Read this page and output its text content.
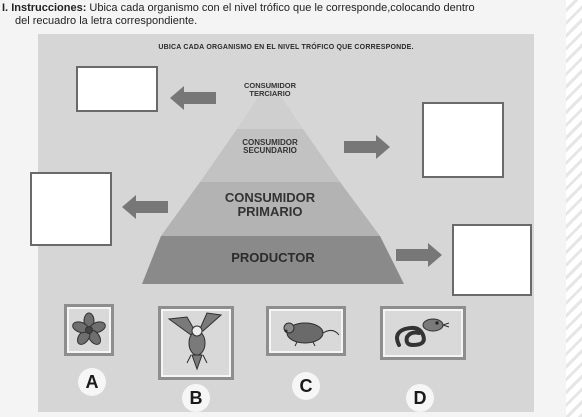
I. Instrucciones: Ubica cada organismo con el nivel trófico que le corresponde,colocando dentro
del recuadro la letra correspondiente.
UBICA CADA ORGANISMO EN EL NIVEL TRÓFICO QUE CORRESPONDE.
CONSUMIDOR
TERCIARIO
CONSUMIDOR
SECUNDARIO
CONSUMIDOR
PRIMARIO
PRODUCTOR
A
B
C
D
